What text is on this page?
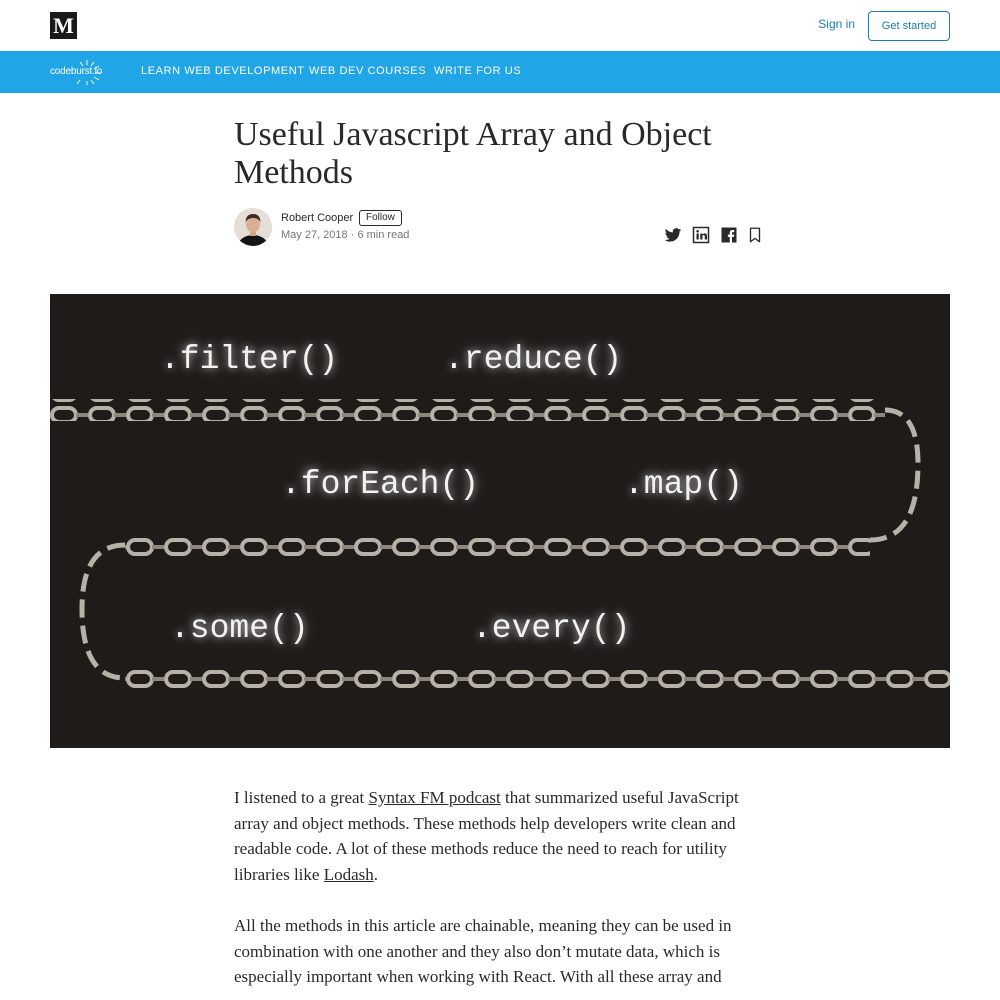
M	Sign in	Get started
codeburst.io	LEARN WEB DEVELOPMENT WEB DEV COURSES WRITE FOR US
Useful Javascript Array and Object Methods
Robert Cooper	Follow
May 27, 2018 · 6 min read
.filter()	.reduce()
.forEach()	.map()
.some()	.every()

I listened to a great Syntax FM podcast that summarized useful JavaScript array and object methods. These methods help developers write clean and readable code. A lot of these methods reduce the need to reach for utility libraries like Lodash.

All the methods in this article are chainable, meaning they can be used in combination with one another and they also don’t mutate data, which is especially important when working with React. With all these array and
